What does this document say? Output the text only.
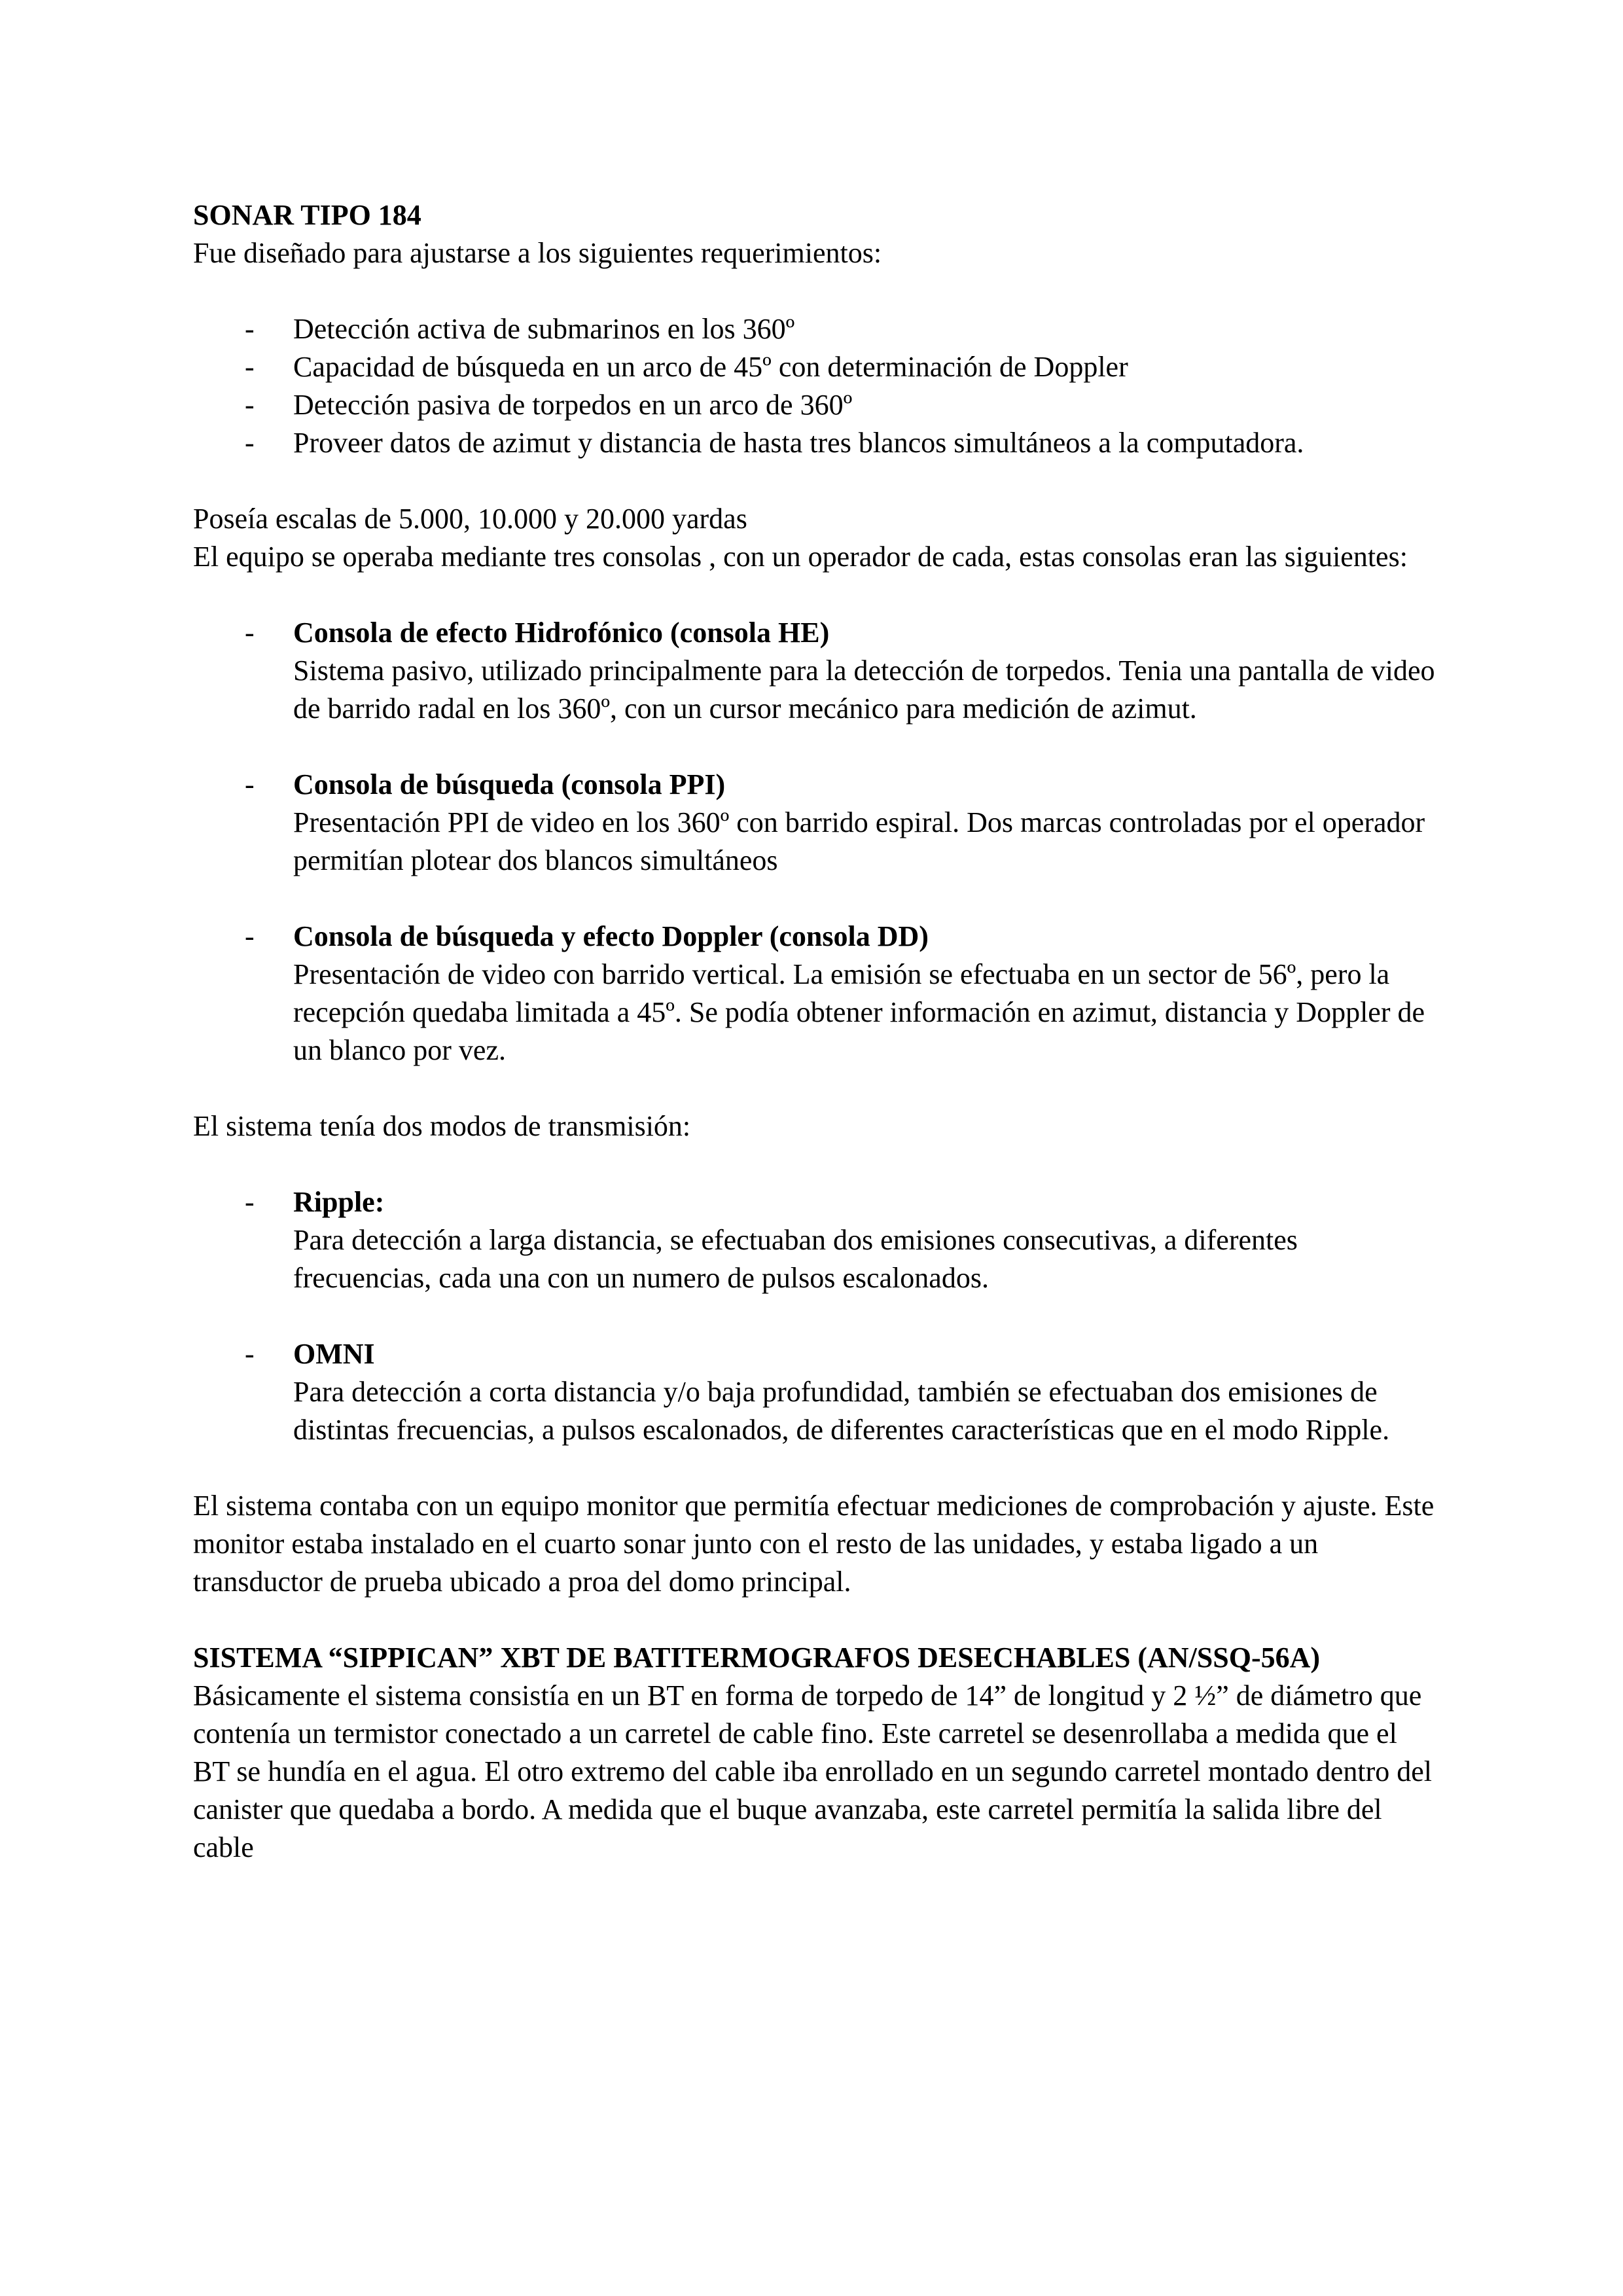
SONAR TIPO 184

Fue diseñado para ajustarse a los siguientes requerimientos:

- Detección activa de submarinos en los 360º
- Capacidad de búsqueda en un arco de 45º con determinación de Doppler
- Detección pasiva de torpedos en un arco de 360º
- Proveer datos de azimut y distancia de hasta tres blancos simultáneos a la computadora.

Poseía escalas de 5.000, 10.000 y 20.000 yardas

El equipo se operaba mediante tres consolas , con un operador de cada, estas consolas eran las siguientes:

- Consola de efecto Hidrofónico (consola HE)
Sistema pasivo, utilizado principalmente para la detección de torpedos. Tenia una pantalla de video de barrido radal en los 360º, con un cursor mecánico para medición de azimut.
- Consola de búsqueda (consola PPI)
Presentación PPI de video en los 360º con barrido espiral. Dos marcas controladas por el operador permitían plotear dos blancos simultáneos
- Consola de búsqueda y efecto Doppler (consola DD)
Presentación de video con barrido vertical. La emisión se efectuaba en un sector de 56º, pero la recepción quedaba limitada a 45º. Se podía obtener información en azimut, distancia y Doppler de un blanco por vez.

El sistema tenía dos modos de transmisión:

- Ripple:
Para detección a larga distancia, se efectuaban dos emisiones consecutivas, a diferentes frecuencias, cada una con un numero de pulsos escalonados.
- OMNI
Para detección a corta distancia y/o baja profundidad, también se efectuaban dos emisiones de distintas frecuencias, a pulsos escalonados, de diferentes características que en el modo Ripple.

El sistema contaba con un equipo monitor que permitía efectuar mediciones de comprobación y ajuste. Este monitor estaba instalado en el cuarto sonar junto con el resto de las unidades, y estaba ligado a un transductor de prueba ubicado a proa del domo principal.

SISTEMA “SIPPICAN” XBT DE BATITERMOGRAFOS DESECHABLES (AN/SSQ-56A)

Básicamente el sistema consistía en un BT en forma de torpedo de 14” de longitud y 2 ½” de diámetro que contenía un termistor conectado a un carretel de cable fino. Este carretel se desenrollaba a medida que el BT se hundía en el agua. El otro extremo del cable iba enrollado en un segundo carretel montado dentro del canister que quedaba a bordo. A medida que el buque avanzaba, este carretel permitía la salida libre del cable
